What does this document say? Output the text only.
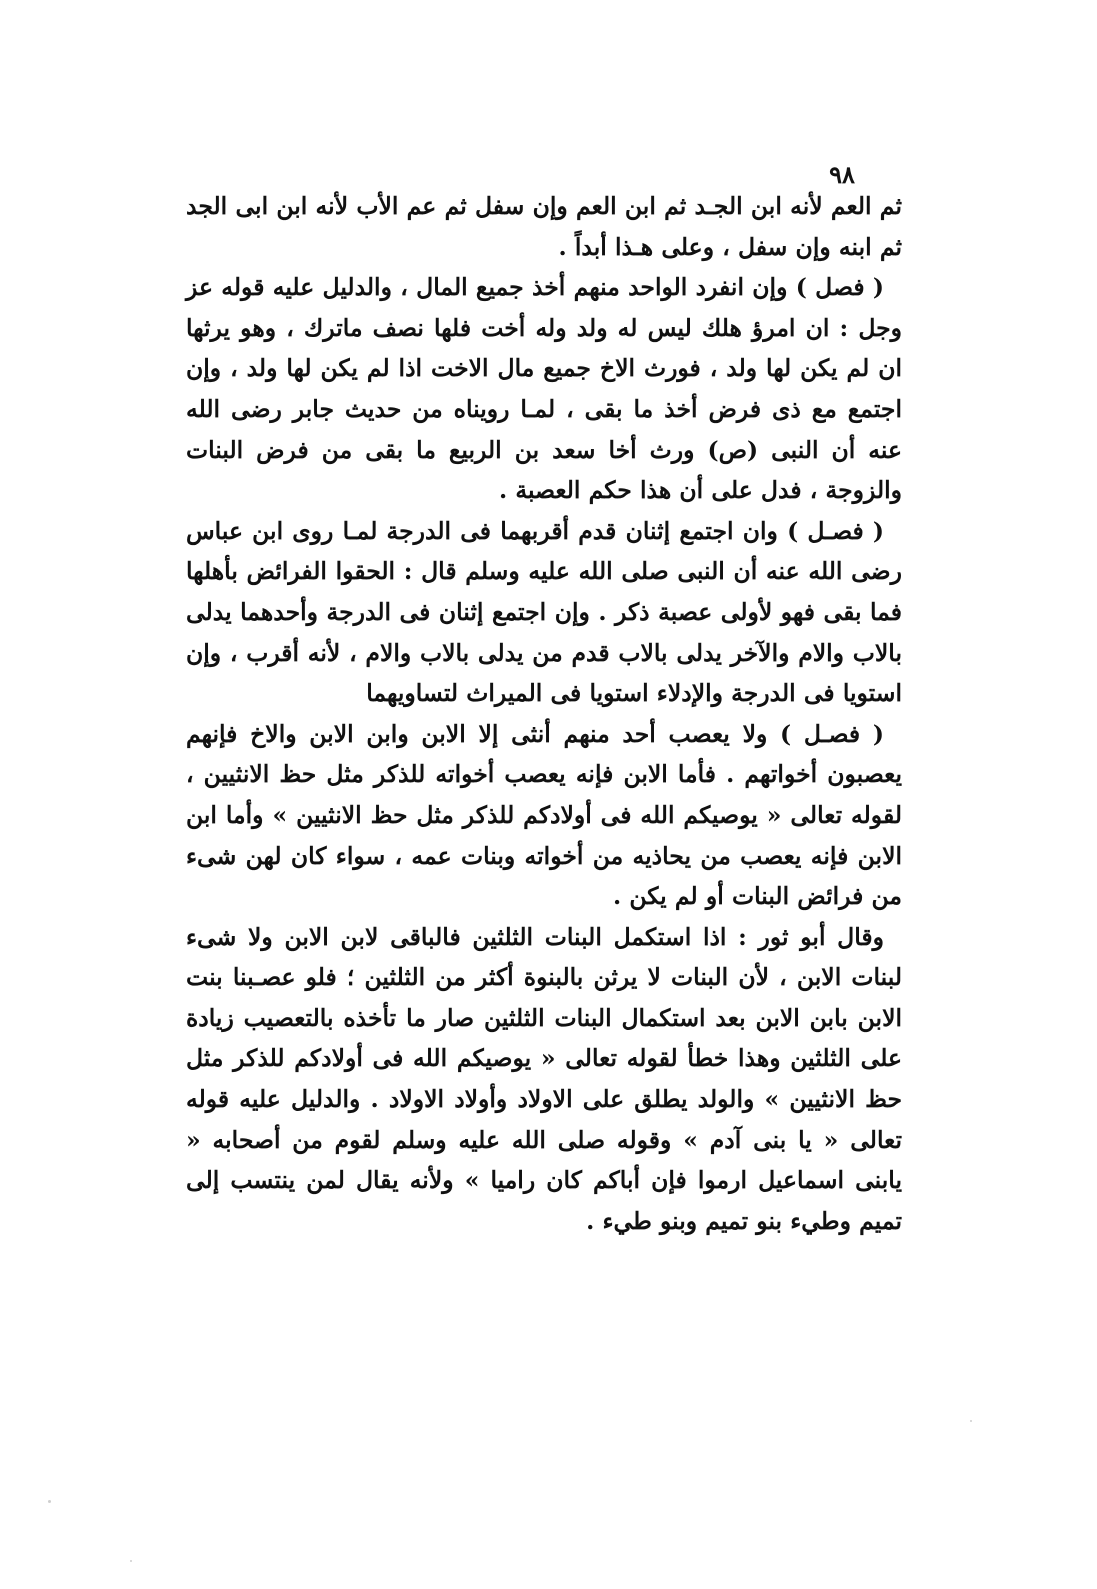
٩٨

ثم العم لأنه ابن الجـد ثم ابن العم وإن سفل ثم عم الأب لأنه ابن ابى الجد ثم ابنه وإن سفل ، وعلى هـذا أبداً .

( فصل ) وإن انفرد الواحد منهم أخذ جميع المال ، والدليل عليه قوله عز وجل : ان امرؤ هلك ليس له ولد وله أخت فلها نصف ماترك ، وهو يرثها ان لم يكن لها ولد ، فورث الاخ جميع مال الاخت اذا لم يكن لها ولد ، وإن اجتمع مع ذى فرض أخذ ما بقى ، لمـا رويناه من حديث جابر رضى الله عنه أن النبى (ص) ورث أخا سعد بن الربيع ما بقى من فرض البنات والزوجة ، فدل على أن هذا حكم العصبة .

( فصـل ) وان اجتمع إثنان قدم أقربهما فى الدرجة لمـا روى ابن عباس رضى الله عنه أن النبى صلى الله عليه وسلم قال : الحقوا الفرائض بأهلها فما بقى فهو لأولى عصبة ذكر . وإن اجتمع إثنان فى الدرجة وأحدهما يدلى بالاب والام والآخر يدلى بالاب قدم من يدلى بالاب والام ، لأنه أقرب ، وإن استويا فى الدرجة والإدلاء استويا فى الميراث لتساويهما

( فصـل ) ولا يعصب أحد منهم أنثى إلا الابن وابن الابن والاخ فإنهم يعصبون أخواتهم . فأما الابن فإنه يعصب أخواته للذكر مثل حظ الانثيين ، لقوله تعالى « يوصيكم الله فى أولادكم للذكر مثل حظ الانثيين » وأما ابن الابن فإنه يعصب من يحاذيه من أخواته وبنات عمه ، سواء كان لهن شىء من فرائض البنات أو لم يكن .

وقال أبو ثور : اذا استكمل البنات الثلثين فالباقى لابن الابن ولا شىء لبنات الابن ، لأن البنات لا يرثن بالبنوة أكثر من الثلثين ؛ فلو عصـبنا بنت الابن بابن الابن بعد استكمال البنات الثلثين صار ما تأخذه بالتعصيب زيادة على الثلثين وهذا خطأ لقوله تعالى « يوصيكم الله فى أولادكم للذكر مثل حظ الانثيين » والولد يطلق على الاولاد وأولاد الاولاد . والدليل عليه قوله تعالى « يا بنى آدم » وقوله صلى الله عليه وسلم لقوم من أصحابه « يابنى اسماعيل ارموا فإن أباكم كان راميا » ولأنه يقال لمن ينتسب إلى تميم وطيء بنو تميم وبنو طيء .
